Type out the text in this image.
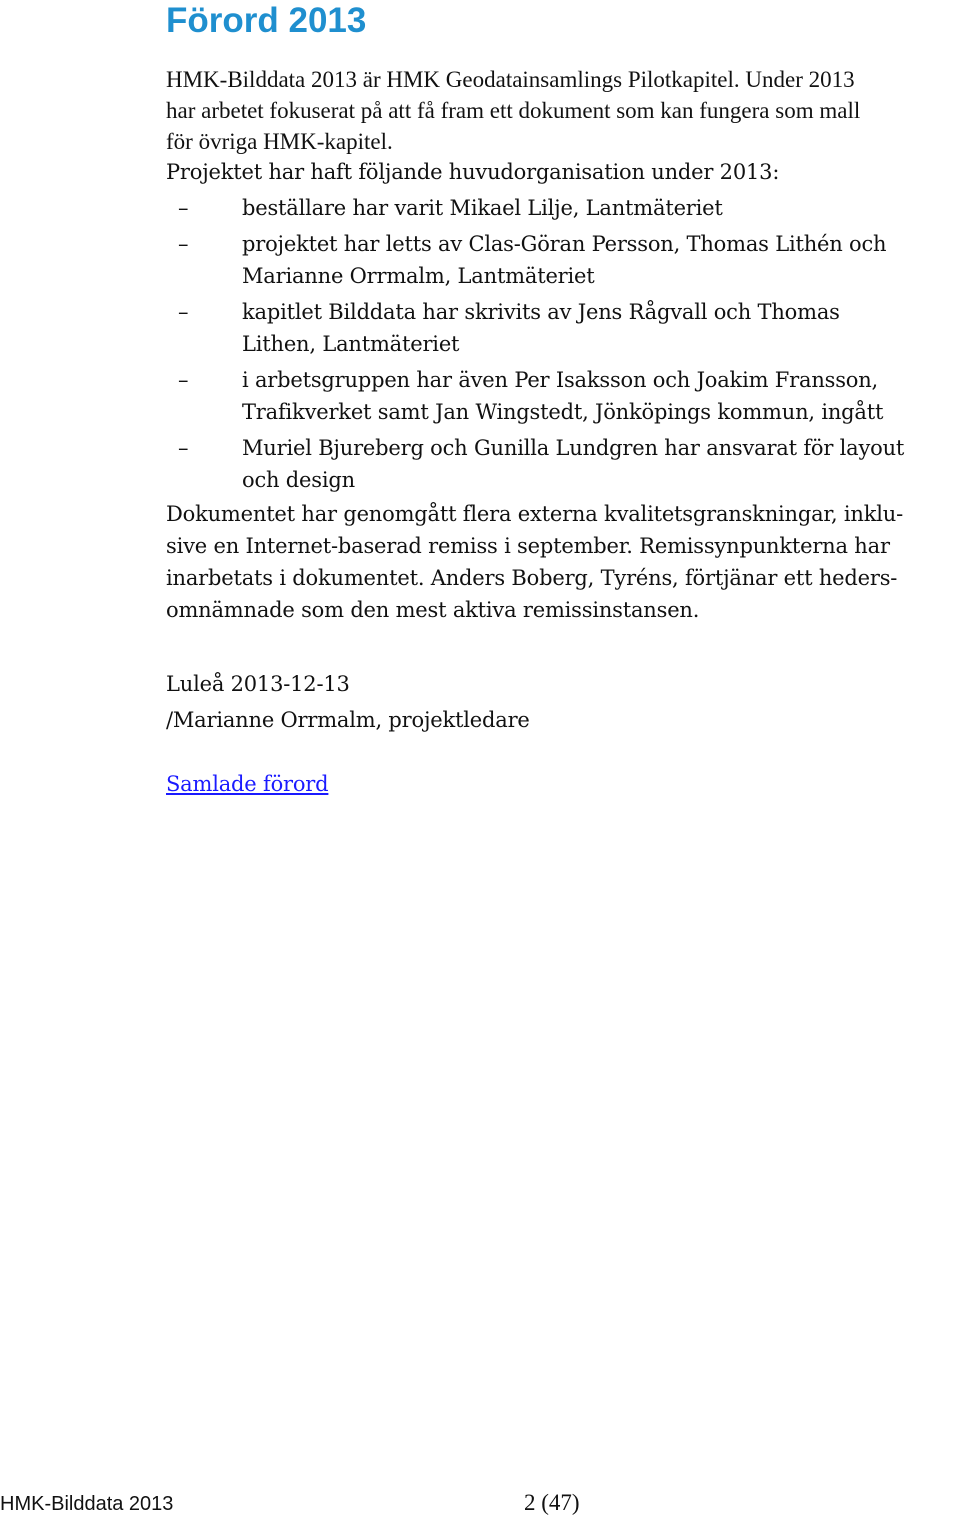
Förord 2013

HMK-Bilddata 2013 är HMK Geodatainsamlings Pilotkapitel. Under 2013
har arbetet fokuserat på att få fram ett dokument som kan fungera som mall
för övriga HMK-kapitel.

Projektet har haft följande huvudorganisation under 2013:

–	beställare har varit Mikael Lilje, Lantmäteriet
–	projektet har letts av Clas-Göran Persson, Thomas Lithén och
Marianne Orrmalm, Lantmäteriet
–	kapitlet Bilddata har skrivits av Jens Rågvall och Thomas
Lithen, Lantmäteriet
–	i arbetsgruppen har även Per Isaksson och Joakim Fransson,
Trafikverket samt Jan Wingstedt, Jönköpings kommun, ingått
–	Muriel Bjureberg och Gunilla Lundgren har ansvarat för layout
och design

Dokumentet har genomgått flera externa kvalitetsgranskningar, inklu-
sive en Internet-baserad remiss i september. Remissynpunkterna har
inarbetats i dokumentet. Anders Boberg, Tyréns, förtjänar ett heders-
omnämnade som den mest aktiva remissinstansen.

Luleå 2013-12-13

/Marianne Orrmalm, projektledare

Samlade förord
HMK-Bilddata 2013	2 (47)
